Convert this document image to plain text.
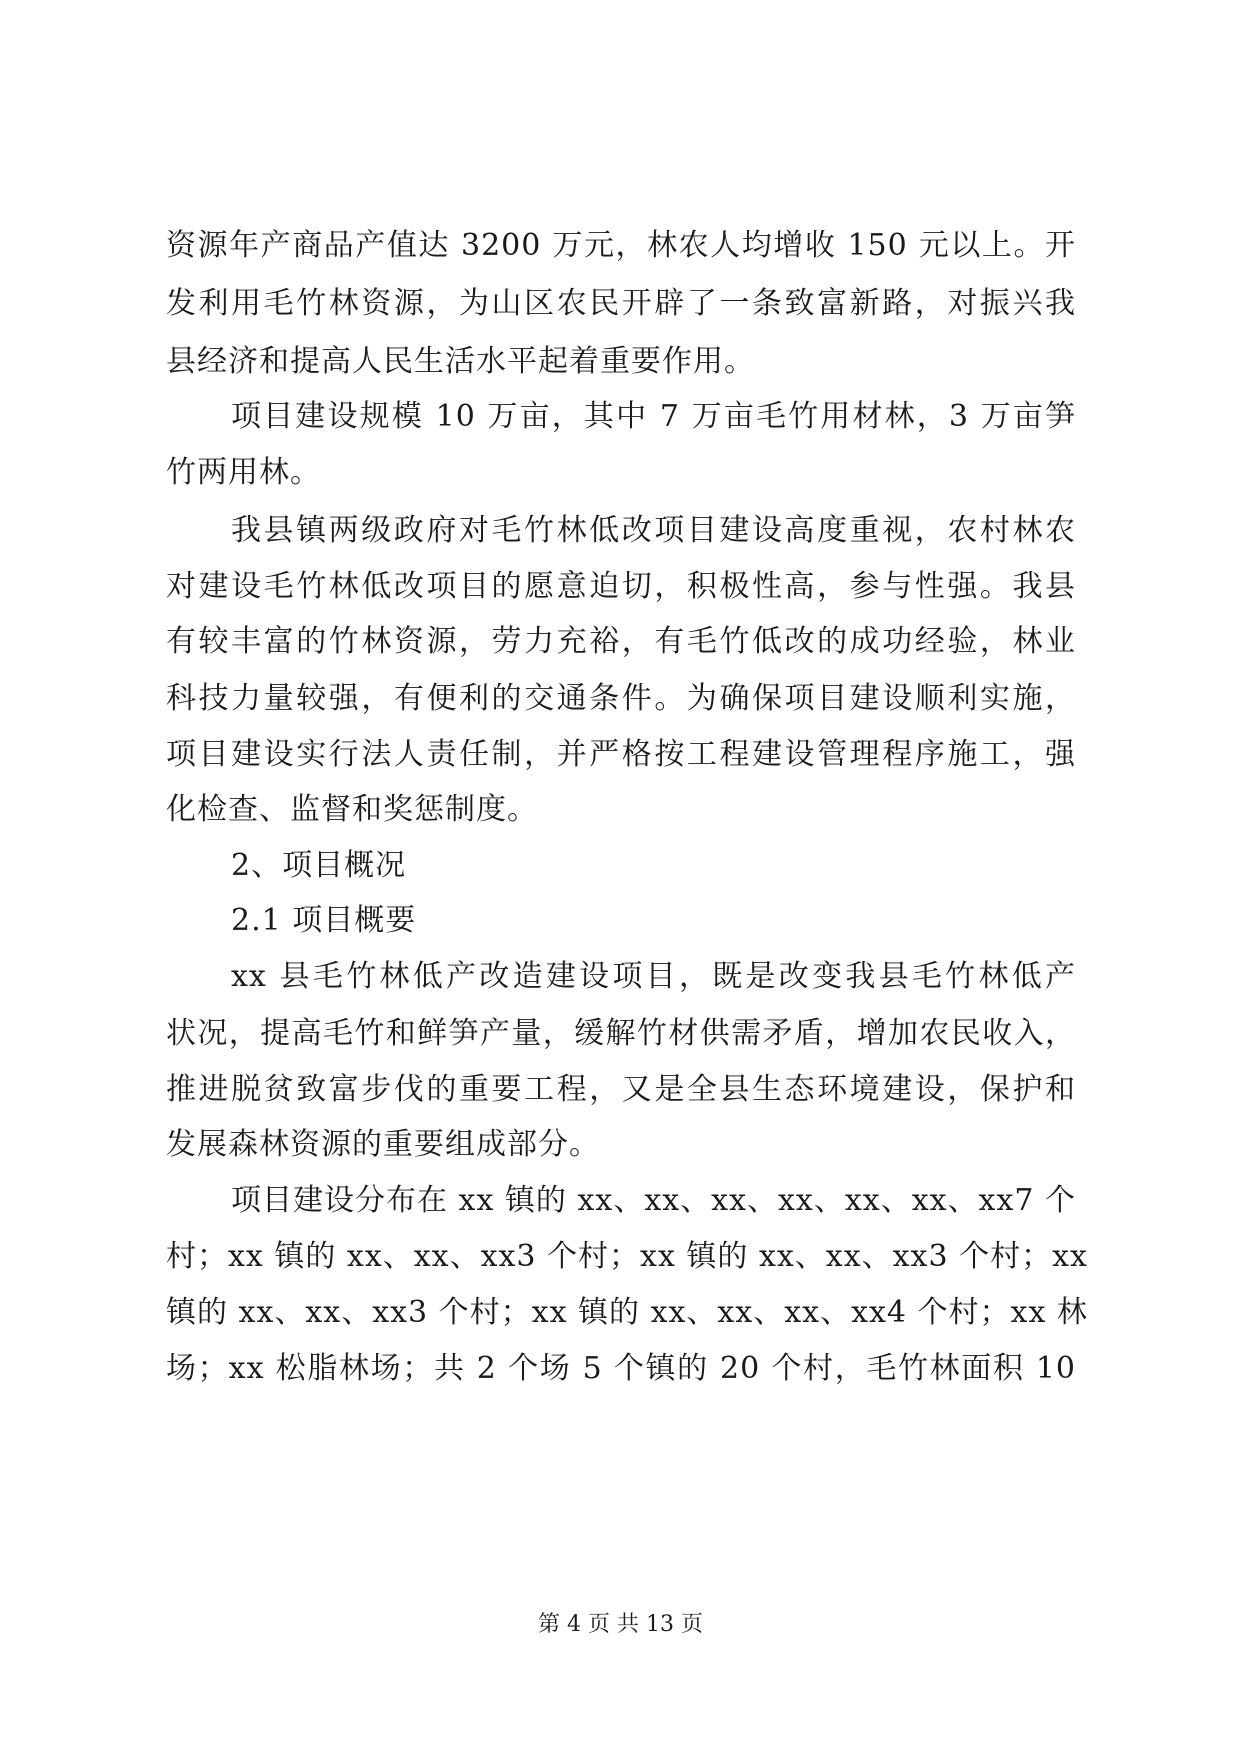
资源年产商品产值达 3200 万元，林农人均增收 150 元以上。开
发利用毛竹林资源，为山区农民开辟了一条致富新路，对振兴我
县经济和提高人民生活水平起着重要作用。
项目建设规模 10 万亩，其中 7 万亩毛竹用材林，3 万亩笋
竹两用林。
我县镇两级政府对毛竹林低改项目建设高度重视，农村林农
对建设毛竹林低改项目的愿意迫切，积极性高，参与性强。我县
有较丰富的竹林资源，劳力充裕，有毛竹低改的成功经验，林业
科技力量较强，有便利的交通条件。为确保项目建设顺利实施，
项目建设实行法人责任制，并严格按工程建设管理程序施工，强
化检查、监督和奖惩制度。
2、项目概况
2.1 项目概要
xx 县毛竹林低产改造建设项目，既是改变我县毛竹林低产
状况，提高毛竹和鲜笋产量，缓解竹材供需矛盾，增加农民收入，
推进脱贫致富步伐的重要工程，又是全县生态环境建设，保护和
发展森林资源的重要组成部分。
项目建设分布在 xx 镇的 xx、xx、xx、xx、xx、xx、xx7 个
村；xx 镇的 xx、xx、xx3 个村；xx 镇的 xx、xx、xx3 个村；xx
镇的 xx、xx、xx3 个村；xx 镇的 xx、xx、xx、xx4 个村；xx 林
场；xx 松脂林场；共 2 个场 5 个镇的 20 个村，毛竹林面积 10
第 4 页 共 13 页
